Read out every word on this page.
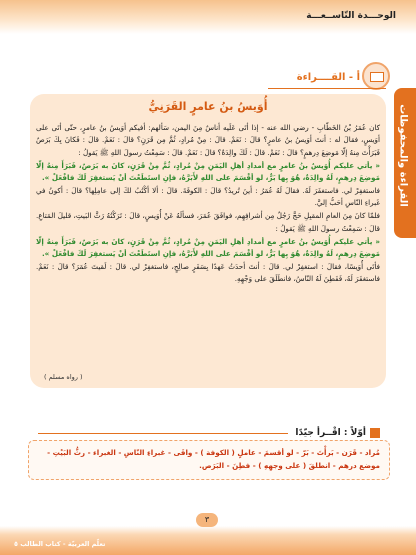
الوحـــدة التّاســعـــة
القراءة والمحفوظات
أ - القــــراءة
أُوَيسُ بنُ عامرٍ القَرَنِيُّ

كان عُمَرُ بْنُ الخَطّابِ - رضي الله عنه - إذا أتَى عَلَيه أناسٌ مِنَ اليمن، سَألهم: أفيكم أوَيسُ بنُ عامرٍ، حتّى أتَى على أوَيسٍ، فقالَ له : أنتَ أوَيسُ بنُ عامرٍ؟ قالَ : نَعَمْ. قالَ : مِنْ مُرادٍ، ثُمَّ مِن قَرَنٍ؟ قالَ : نَعَمْ. قالَ : فَكانَ بِكَ بَرَصٌ فَبَرَأْتَ مِنهُ إلّا مَوضِعَ دِرهمٍ؟ قالَ : نَعَمْ. قالَ : لَكَ والِدَةٌ؟ قالَ : نَعَمْ. قالَ : سَمِعْتُ رسولَ اللهِ ﷺ يَقولُ :

« يأتي عليكم أُوَيسُ بنُ عامرٍ مع أمدادِ أهلِ اليَمَنِ مِنْ مُرادٍ، ثُمَّ مِنْ قَرَنٍ، كانَ به بَرَصٌ، فَبَرَأَ مِنهُ إلّا مَوضِعَ دِرهمٍ، لَهُ والِدَةٌ، هُوَ بِها بَرٌّ، لو أقْسَمَ على اللهِ لأَبَرَّهُ، فإنِ استَطَعْتَ أنْ يَستغفِرَ لَكَ فافْعَلْ ».

فاستغفِرْ لي. فاستغفَرَ لَهُ. فقالَ لَهُ عُمَرُ : أينَ تُريدُ؟ قالَ : الكوفَةَ. قالَ : ألا أكْتُبُ لكَ إلى عامِلِها؟ قالَ : أكونُ في غَبراءِ النّاسِ أحَبُّ إليَّ.

فلمّا كانَ مِنَ العامِ المقبِلِ حَجَّ رَجُلٌ مِن أشرافِهِم، فوافَقَ عُمَرَ، فسألَهُ عَنْ أُوَيسٍ، قالَ : تَرَكْتُهُ رَثَّ البَيتِ، قليلَ المَتاعِ. قالَ : سَمِعْتُ رسولَ اللهِ ﷺ يَقولُ :

« يأتي عليكم أُوَيسُ بنُ عامرٍ مع أمدادِ أهلِ اليَمَنِ مِنْ مُرادٍ، ثُمَّ مِنْ قَرَنٍ، كانَ به بَرَصٌ، فَبَرَأَ مِنهُ إلّا مَوضِعَ دِرهمٍ، لَهُ والِدَةٌ، هُوَ بِها بَرٌّ، لو أقْسَمَ على اللهِ لأَبَرَّهُ، فإنِ استَطَعْتَ أنْ يَستغفِرَ لَكَ فافْعَلْ ».

فأتَى أُوَيسًا، فقالَ : استغفِرْ لي. قالَ : أنتَ أحدَثُ عَهدًا بِسَفَرٍ صالِحٍ، فاستغفِرْ لي. قالَ : لَقيتَ عُمَرَ؟ قالَ : نَعَمْ. فاستغفَرَ لَهُ، فَفَطِنَ لَهُ النّاسُ، فانطَلَقَ على وَجْهِهِ.

( رواه مسلم )
أوّلاً : اقْــرأ جيّدًا
مُراد - قَرَن - بَرأْتَ - بَرّ - لو أقسمَ - عاملٍ ( الكوفة ) - وافَى - غبراءِ النّاسِ - الغبراء - رثُّ البَيْتِ - موضع درهم - انطلقَ ( على وجهِهِ ) - فطِنَ - البَرَص.
٣
تعلّم العربيّة - كتاب الطالب ٥
